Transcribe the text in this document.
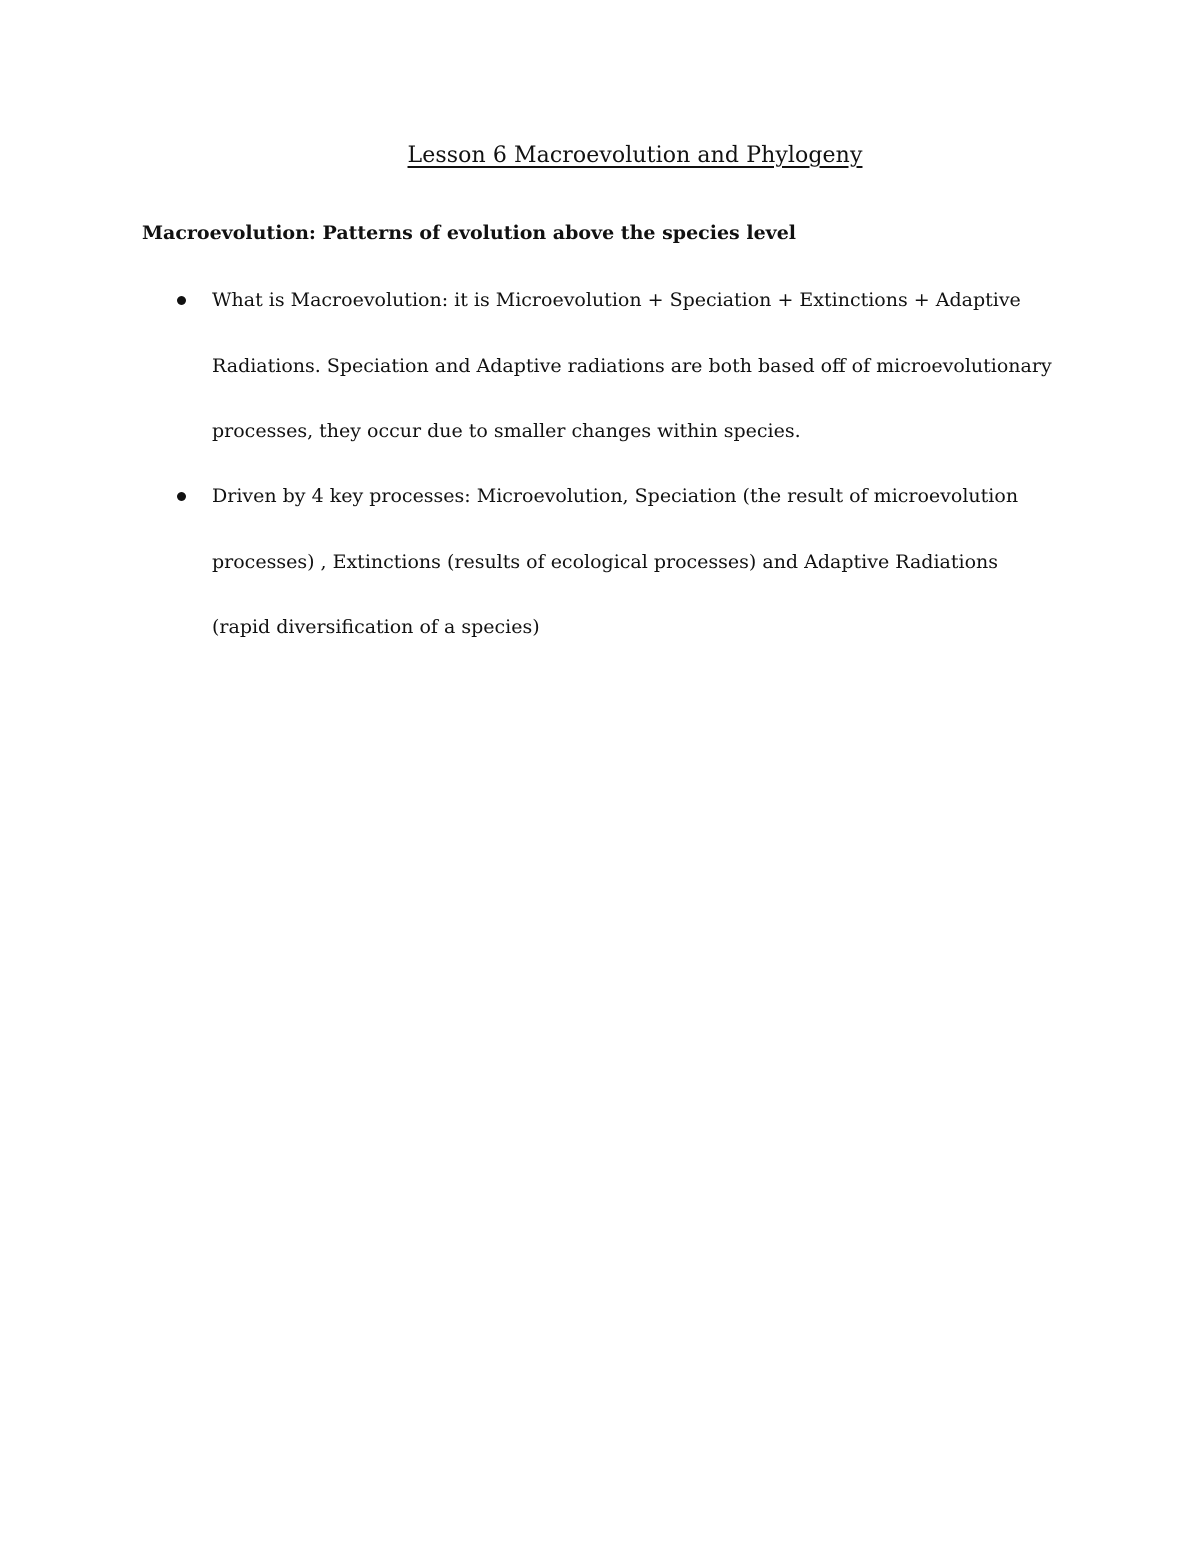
Lesson 6 Macroevolution and Phylogeny
Macroevolution: Patterns of evolution above the species level
What is Macroevolution: it is Microevolution + Speciation + Extinctions + Adaptive Radiations. Speciation and Adaptive radiations are both based off of microevolutionary processes, they occur due to smaller changes within species.
Driven by 4 key processes: Microevolution, Speciation (the result of microevolution processes) , Extinctions (results of ecological processes) and Adaptive Radiations (rapid diversification of a species)
